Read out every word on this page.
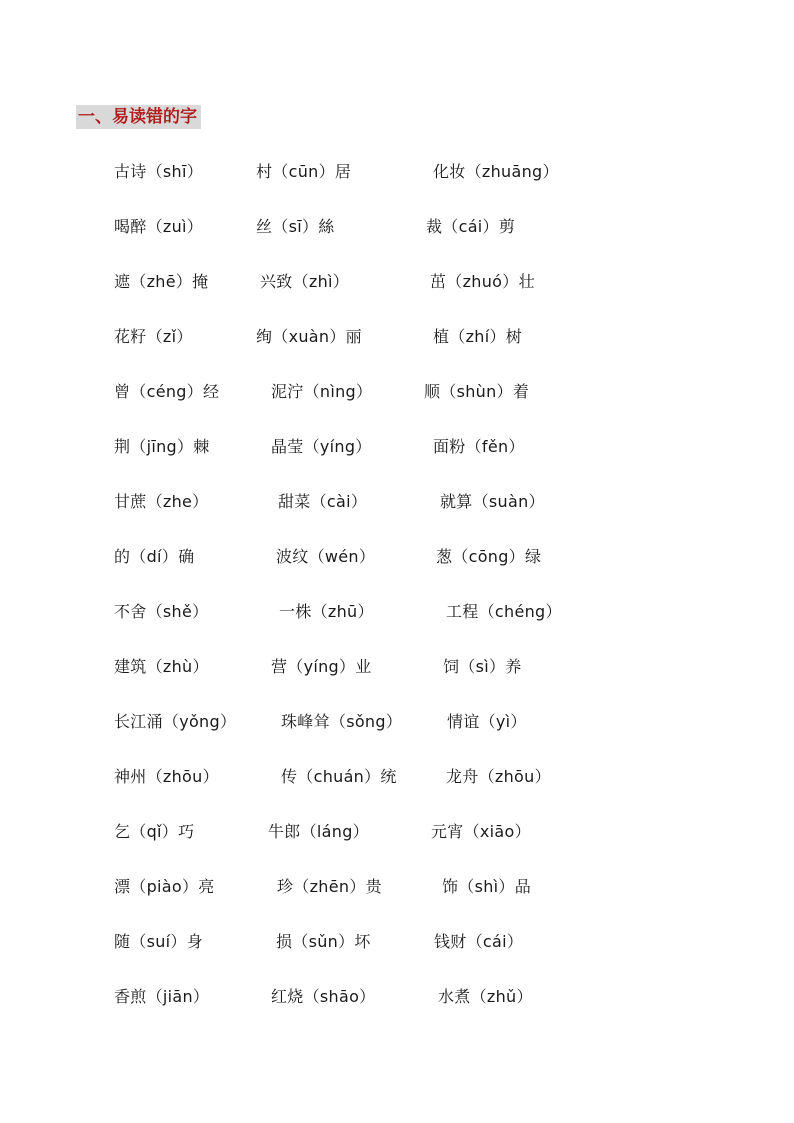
一、易读错的字
古诗（shī）	村（cūn）居	化妆（zhuāng）
喝醉（zuì）	丝（sī）絲	裁（cái）剪
遮（zhē）掩	兴致（zhì）	茁（zhuó）壮
花籽（zǐ）	绚（xuàn）丽	植（zhí）树
曾（céng）经	泥泞（nìng）	顺（shùn）着
荆（jīng）棘	晶莹（yíng）	面粉（fěn）
甘蔗（zhe）	甜菜（cài）	就算（suàn）
的（dí）确	波纹（wén）	葱（cōng）绿
不舍（shě）	一株（zhū）	工程（chéng）
建筑（zhù）	营（yíng）业	饲（sì）养
长江涌（yǒng）	珠峰耸（sǒng）	情谊（yì）
神州（zhōu）	传（chuán）统	龙舟（zhōu）
乞（qǐ）巧	牛郎（láng）	元宵（xiāo）
漂（piào）亮	珍（zhēn）贵	饰（shì）品
随（suí）身	损（sǔn）坏	钱财（cái）
香煎（jiān）	红烧（shāo）	水煮（zhǔ）
